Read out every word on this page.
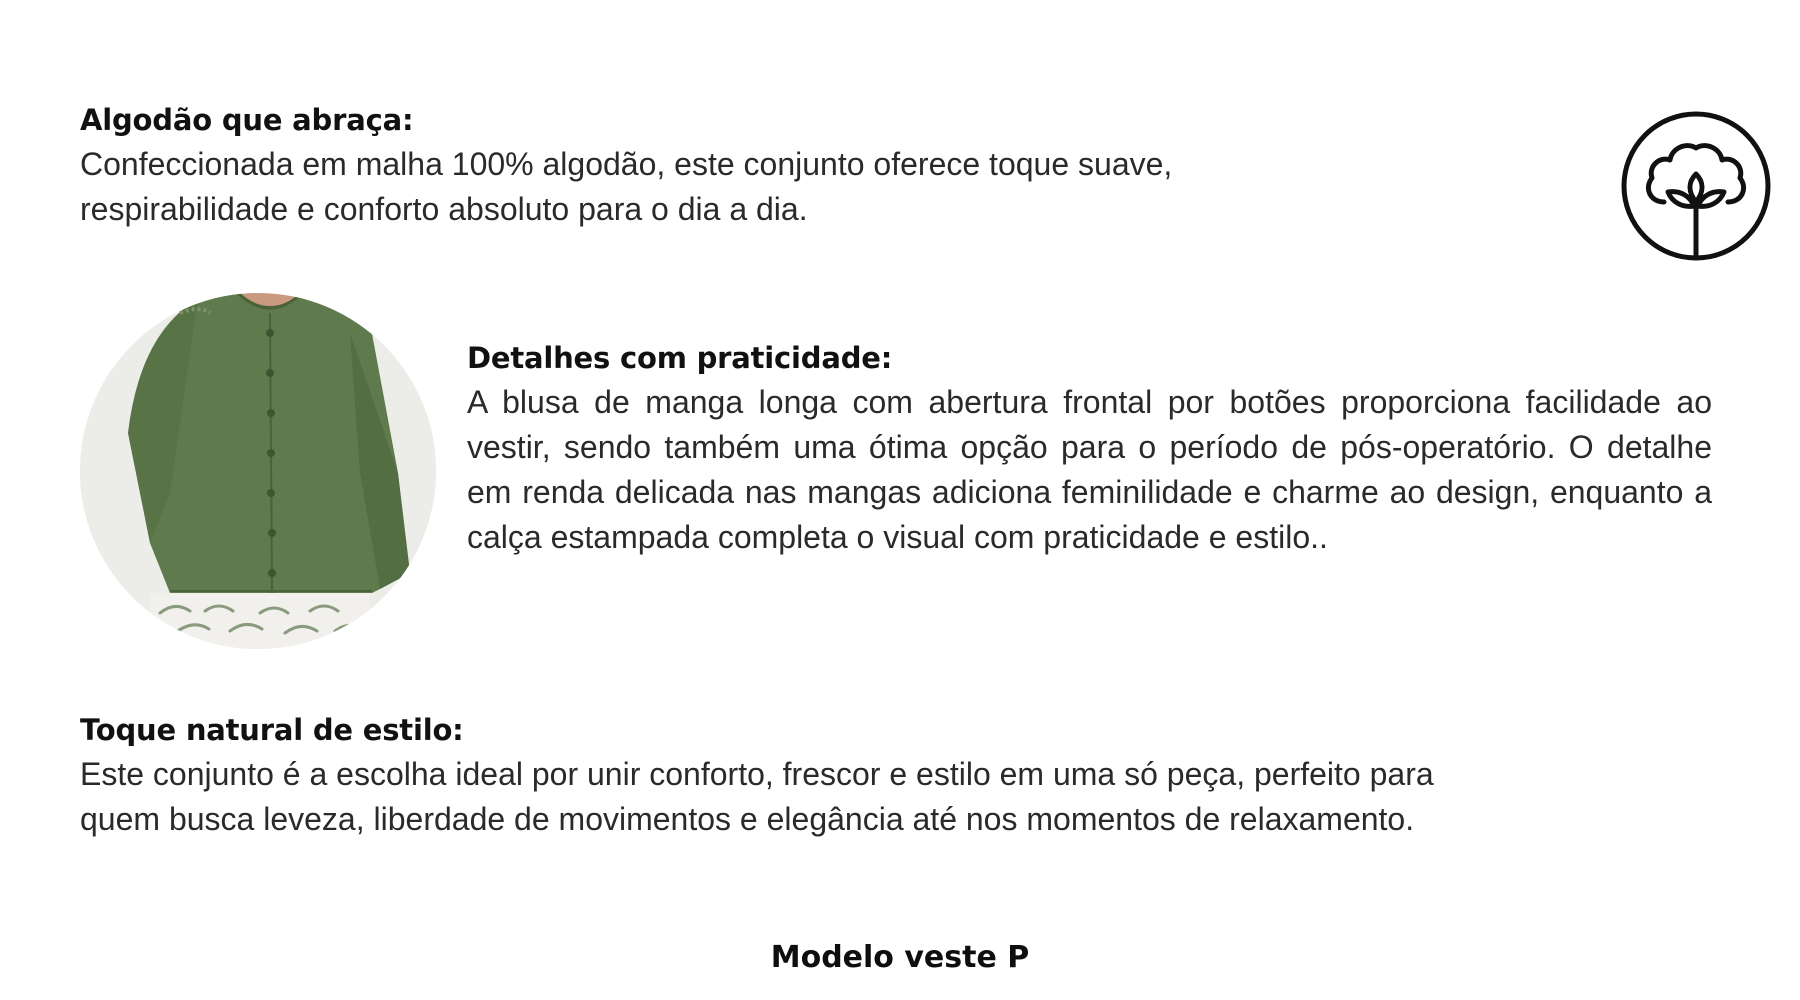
Algodão que abraça:

Confeccionada em malha 100% algodão, este conjunto oferece toque suave,

respirabilidade e conforto absoluto para o dia a dia.

Detalhes com praticidade:

A blusa de manga longa com abertura frontal por botões proporciona facilidade ao vestir, sendo também uma ótima opção para o período de pós-operatório. O detalhe em renda delicada nas mangas adiciona feminilidade e charme ao design, enquanto a calça estampada completa o visual com praticidade e estilo..

Toque natural de estilo:

Este conjunto é a escolha ideal por unir conforto, frescor e estilo em uma só peça, perfeito para

quem busca leveza, liberdade de movimentos e elegância até nos momentos de relaxamento.

Modelo veste P
